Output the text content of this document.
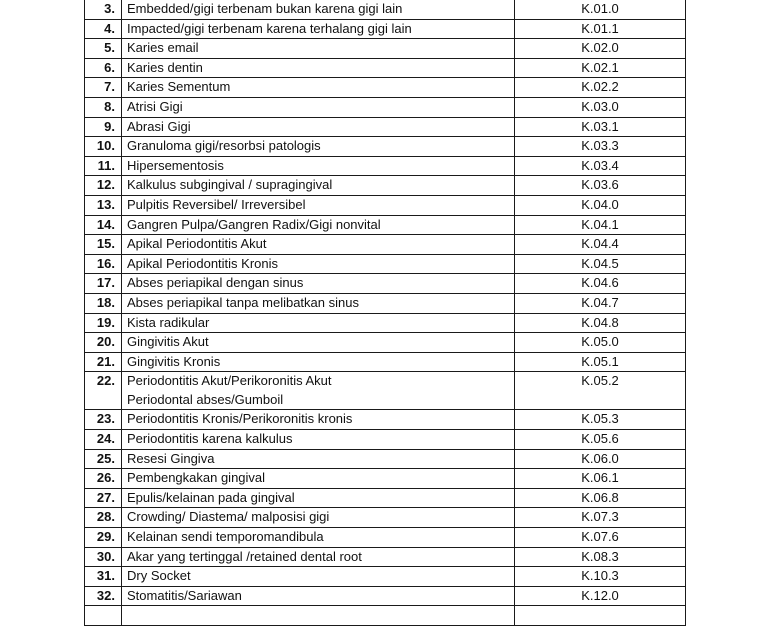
3.	Embedded/gigi terbenam bukan karena gigi lain	K.01.0
4.	Impacted/gigi terbenam karena terhalang gigi lain	K.01.1
5.	Karies email	K.02.0
6.	Karies dentin	K.02.1
7.	Karies Sementum	K.02.2
8.	Atrisi Gigi	K.03.0
9.	Abrasi Gigi	K.03.1
10.	Granuloma gigi/resorbsi patologis	K.03.3
11.	Hipersementosis	K.03.4
12.	Kalkulus subgingival / supragingival	K.03.6
13.	Pulpitis Reversibel/ Irreversibel	K.04.0
14.	Gangren Pulpa/Gangren Radix/Gigi nonvital	K.04.1
15.	Apikal Periodontitis Akut	K.04.4
16.	Apikal Periodontitis Kronis	K.04.5
17.	Abses periapikal dengan sinus	K.04.6
18.	Abses periapikal tanpa melibatkan sinus	K.04.7
19.	Kista radikular	K.04.8
20.	Gingivitis Akut	K.05.0
21.	Gingivitis Kronis	K.05.1
22.	Periodontitis Akut/Perikoronitis Akut
Periodontal abses/Gumboil	K.05.2
23.	Periodontitis Kronis/Perikoronitis kronis	K.05.3
24.	Periodontitis karena kalkulus	K.05.6
25.	Resesi Gingiva	K.06.0
26.	Pembengkakan gingival	K.06.1
27.	Epulis/kelainan pada gingival	K.06.8
28.	Crowding/ Diastema/ malposisi gigi	K.07.3
29.	Kelainan sendi temporomandibula	K.07.6
30.	Akar yang tertinggal /retained dental root	K.08.3
31.	Dry Socket	K.10.3
32.	Stomatitis/Sariawan	K.12.0
